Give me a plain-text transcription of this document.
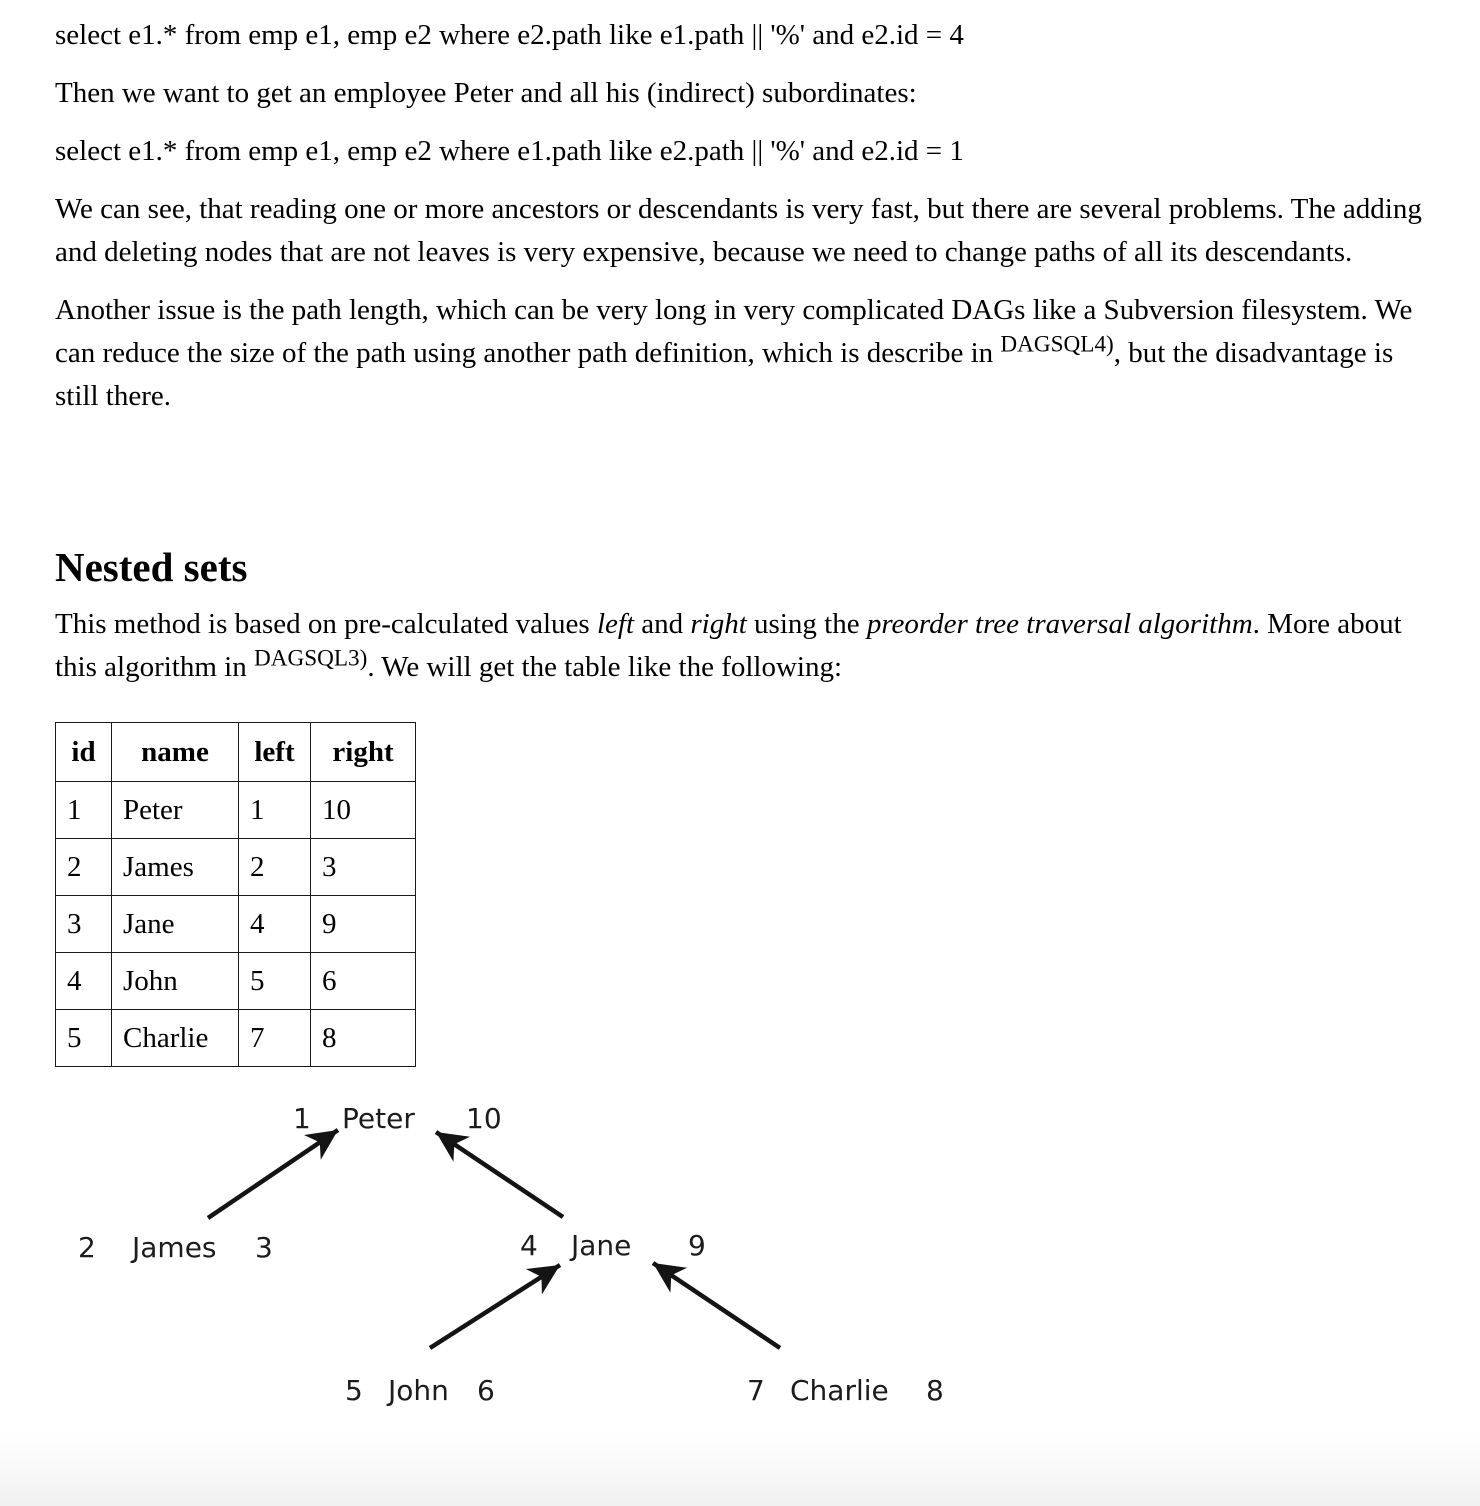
select e1.* from emp e1, emp e2 where e2.path like e1.path || '%' and e2.id = 4

Then we want to get an employee Peter and all his (indirect) subordinates:

select e1.* from emp e1, emp e2 where e1.path like e2.path || '%' and e2.id = 1

We can see, that reading one or more ancestors or descendants is very fast, but there are several problems. The adding and deleting nodes that are not leaves is very expensive, because we need to change paths of all its descendants.

Another issue is the path length, which can be very long in very complicated DAGs like a Subversion filesystem. We can reduce the size of the path using another path definition, which is describe in $^{DAGSQL4)}$, but the disadvantage is still there.

Nested sets

This method is based on pre-calculated values left and right using the preorder tree traversal algorithm. More about this algorithm in $^{DAGSQL3)}$. We will get the table like the following:

id	name	left	right
1	Peter	1	10
2	James	2	3
3	Jane	4	9
4	John	5	6
5	Charlie	7	8
1 Peter 10
2 James 3	4 Jane 9
5 John 6	7 Charlie 8
